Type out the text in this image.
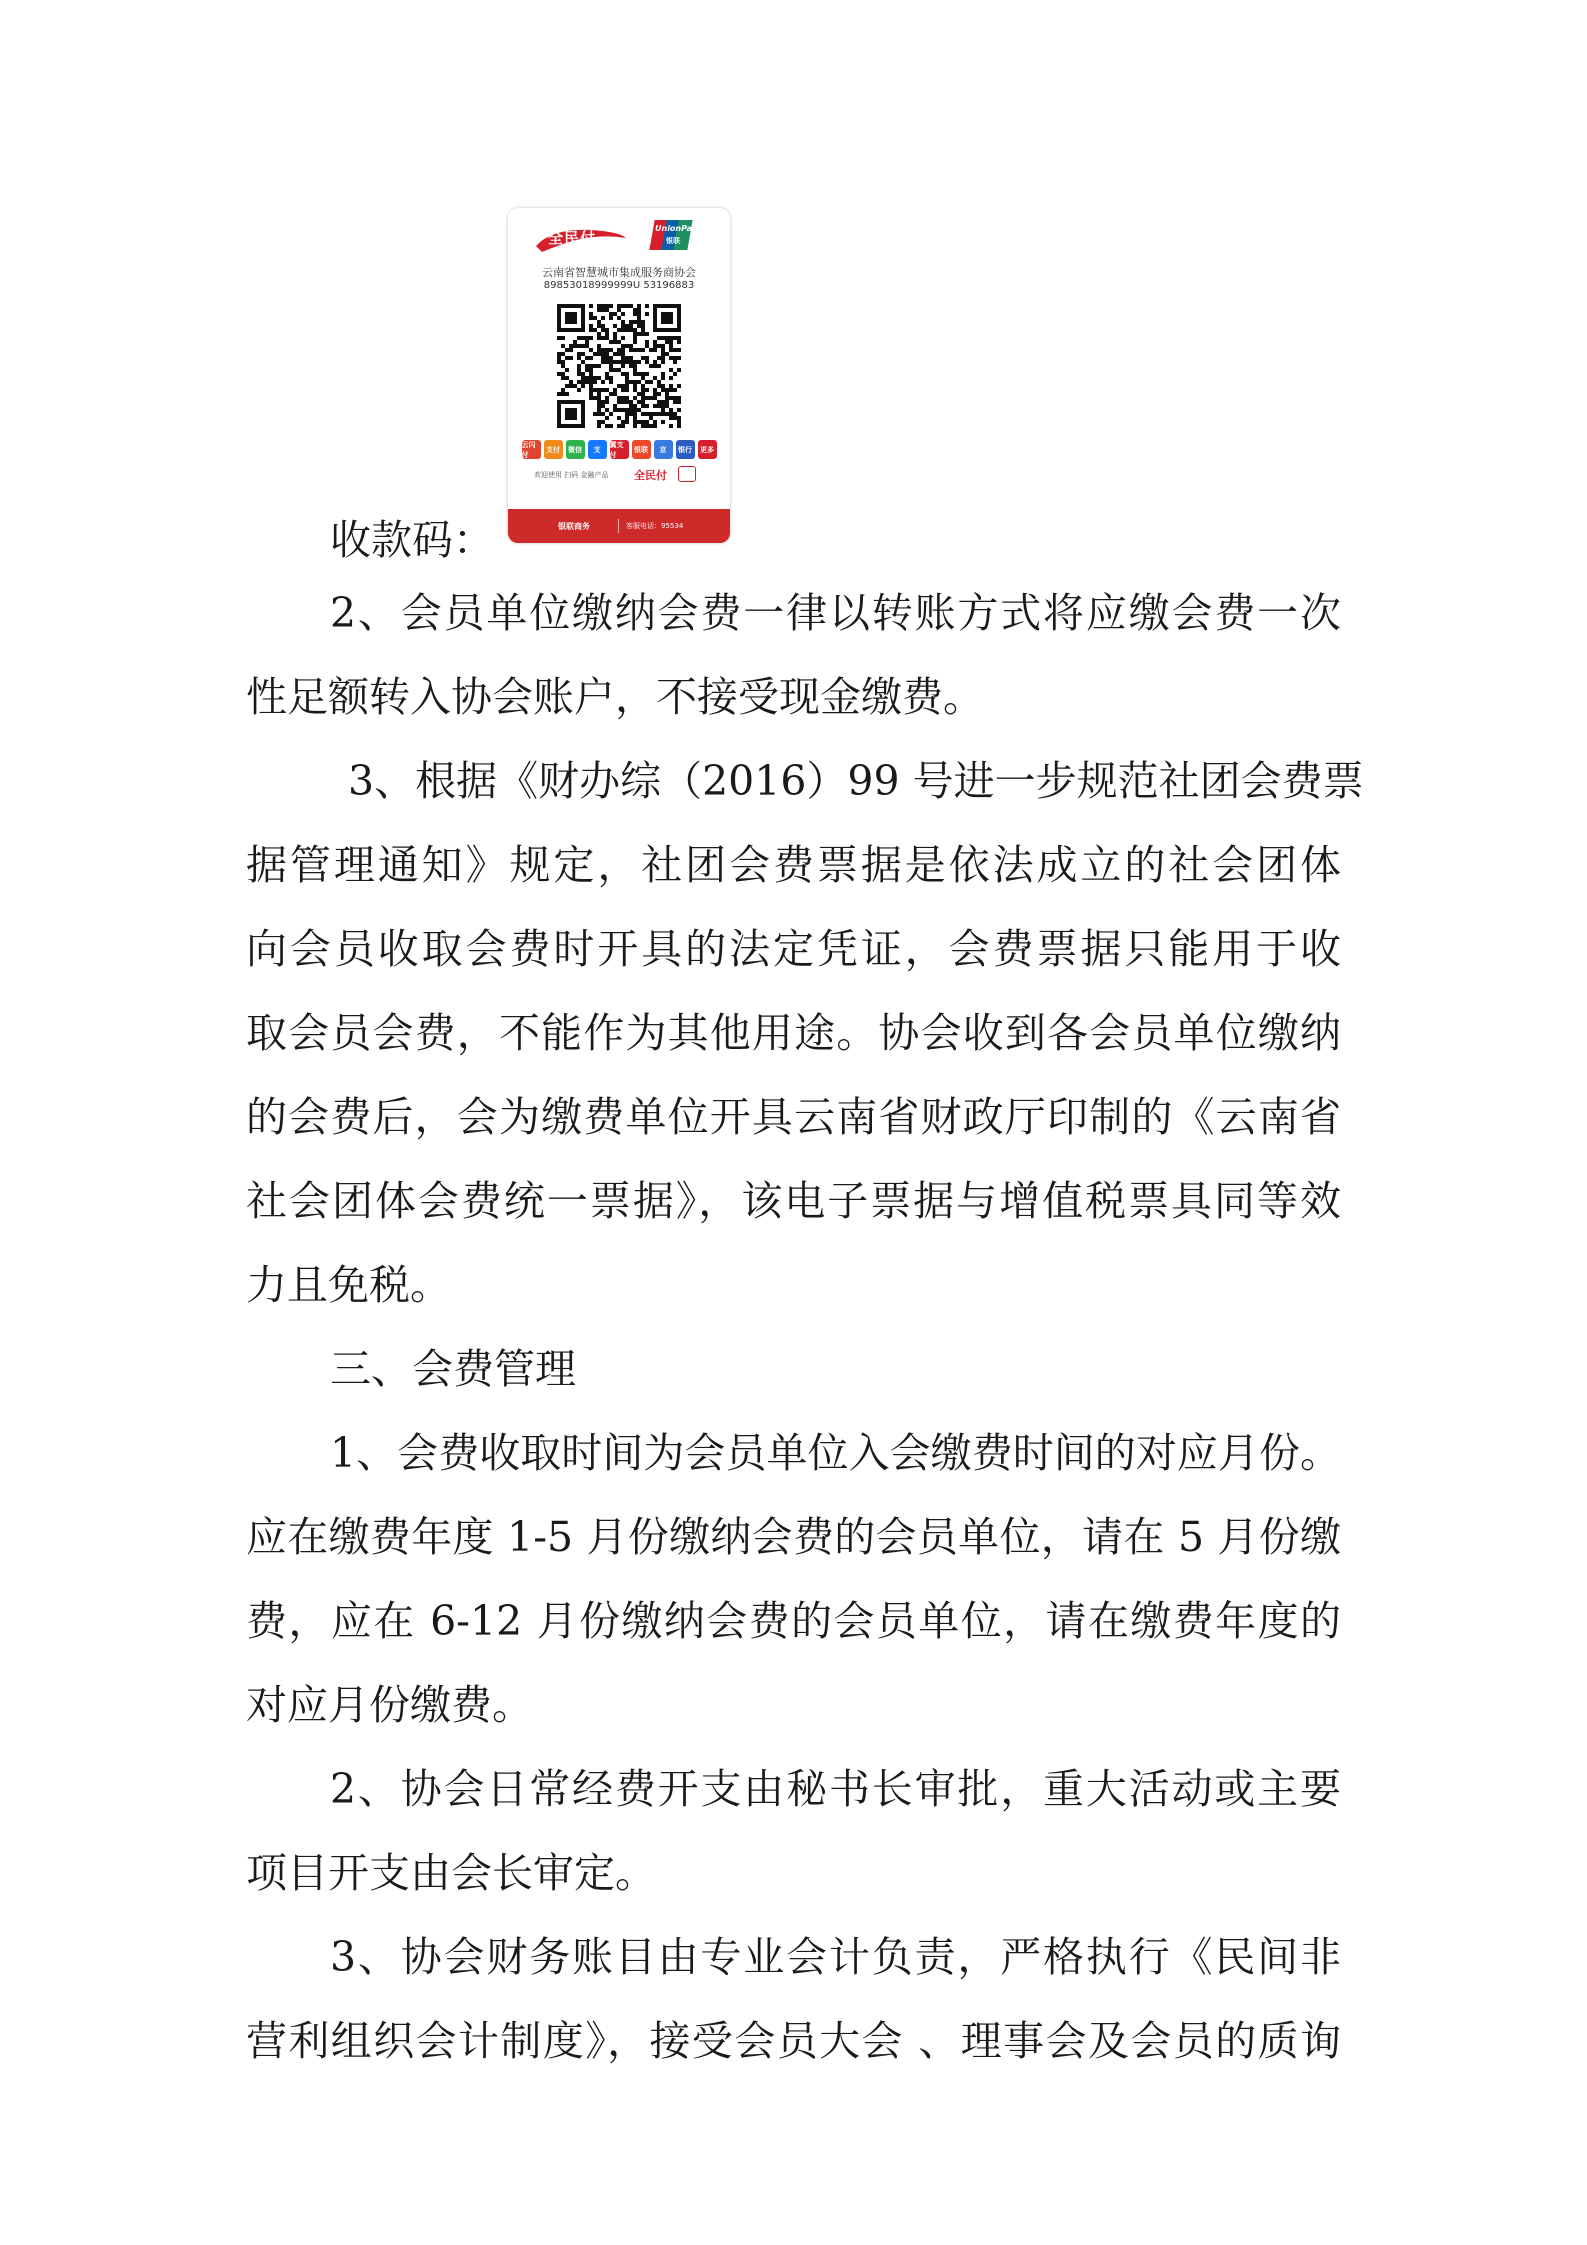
全民付
UnionPay
银联
云南省智慧城市集成服务商协会
89853018999999U 53196883
云闪付
支付	微信	支
翼支付
银联	京	银行	更多
欢迎使用 扫码 金融产品 全民付
银联商务	客服电话：95534
收款码：
2、会员单位缴纳会费一律以转账方式将应缴会费一次
性足额转入协会账户，不接受现金缴费。
3、根据《财办综（2016）99 号进一步规范社团会费票
据管理通知》规定，社团会费票据是依法成立的社会团体
向会员收取会费时开具的法定凭证，会费票据只能用于收
取会员会费，不能作为其他用途。协会收到各会员单位缴纳
的会费后，会为缴费单位开具云南省财政厅印制的《云南省
社会团体会费统一票据》，该电子票据与增值税票具同等效
力且免税。
三、会费管理
1、会费收取时间为会员单位入会缴费时间的对应月份。
应在缴费年度 1-5 月份缴纳会费的会员单位，请在 5 月份缴
费，应在 6-12 月份缴纳会费的会员单位，请在缴费年度的
对应月份缴费。
2、协会日常经费开支由秘书长审批，重大活动或主要
项目开支由会长审定。
3、协会财务账目由专业会计负责，严格执行《民间非
营利组织会计制度》，接受会员大会 、理事会及会员的质询
